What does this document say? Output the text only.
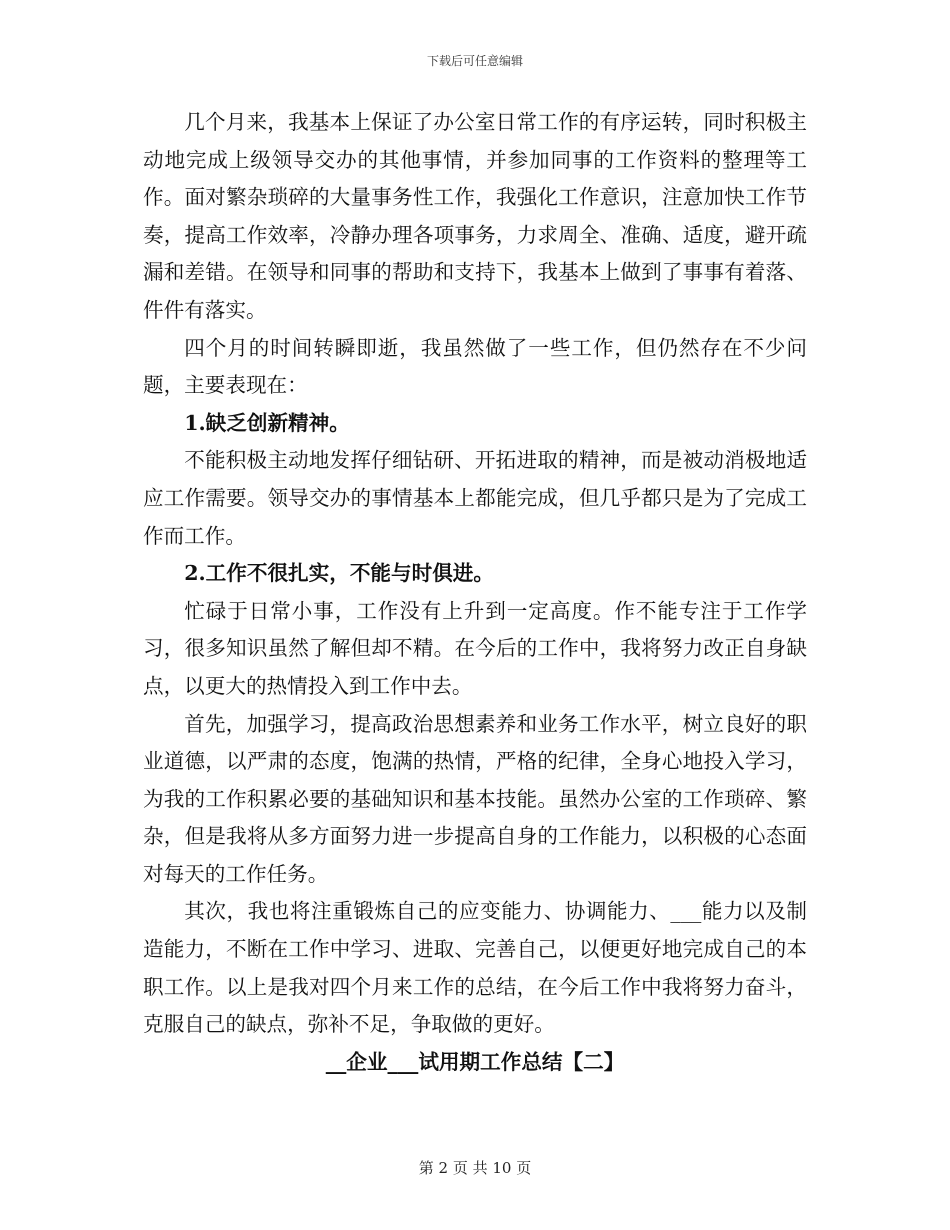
下载后可任意编辑

几个月来，我基本上保证了办公室日常工作的有序运转，同时积极主动地完成上级领导交办的其他事情，并参加同事的工作资料的整理等工作。面对繁杂琐碎的大量事务性工作，我强化工作意识，注意加快工作节奏，提高工作效率，冷静办理各项事务，力求周全、准确、适度，避开疏漏和差错。在领导和同事的帮助和支持下，我基本上做到了事事有着落、件件有落实。

四个月的时间转瞬即逝，我虽然做了一些工作，但仍然存在不少问题，主要表现在：

1.缺乏创新精神。

不能积极主动地发挥仔细钻研、开拓进取的精神，而是被动消极地适应工作需要。领导交办的事情基本上都能完成，但几乎都只是为了完成工作而工作。

2.工作不很扎实，不能与时俱进。

忙碌于日常小事，工作没有上升到一定高度。作不能专注于工作学习，很多知识虽然了解但却不精。在今后的工作中，我将努力改正自身缺点，以更大的热情投入到工作中去。

首先，加强学习，提高政治思想素养和业务工作水平，树立良好的职业道德，以严肃的态度，饱满的热情，严格的纪律，全身心地投入学习，为我的工作积累必要的基础知识和基本技能。虽然办公室的工作琐碎、繁杂，但是我将从多方面努力进一步提高自身的工作能力，以积极的心态面对每天的工作任务。

其次，我也将注重锻炼自己的应变能力、协调能力、___能力以及制造能力，不断在工作中学习、进取、完善自己，以便更好地完成自己的本职工作。以上是我对四个月来工作的总结，在今后工作中我将努力奋斗，克服自己的缺点，弥补不足，争取做的更好。

__企业___试用期工作总结【二】

第 2 页 共 10 页
